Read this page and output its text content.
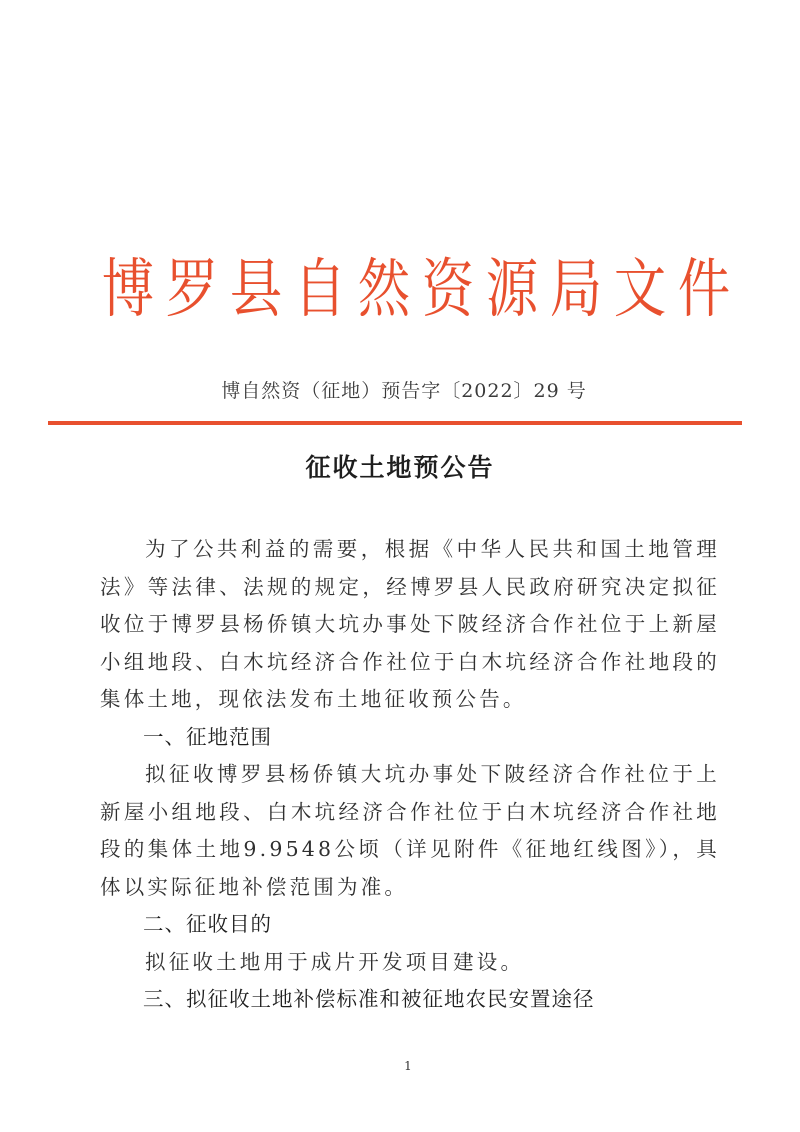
博 罗 县 自 然 资 源 局 文 件
博自然资（征地）预告字〔2022〕29 号
征收土地预公告

为了公共利益的需要，根据《中华人民共和国土地管理法》等法律、法规的规定，经博罗县人民政府研究决定拟征收位于博罗县杨侨镇大坑办事处下陂经济合作社位于上新屋小组地段、白木坑经济合作社位于白木坑经济合作社地段的集体土地，现依法发布土地征收预公告。

一、征地范围

拟征收博罗县杨侨镇大坑办事处下陂经济合作社位于上新屋小组地段、白木坑经济合作社位于白木坑经济合作社地段的集体土地9.9548公顷（详见附件《征地红线图》），具体以实际征地补偿范围为准。

二、征收目的

拟征收土地用于成片开发项目建设。

三、拟征收土地补偿标准和被征地农民安置途径

1
